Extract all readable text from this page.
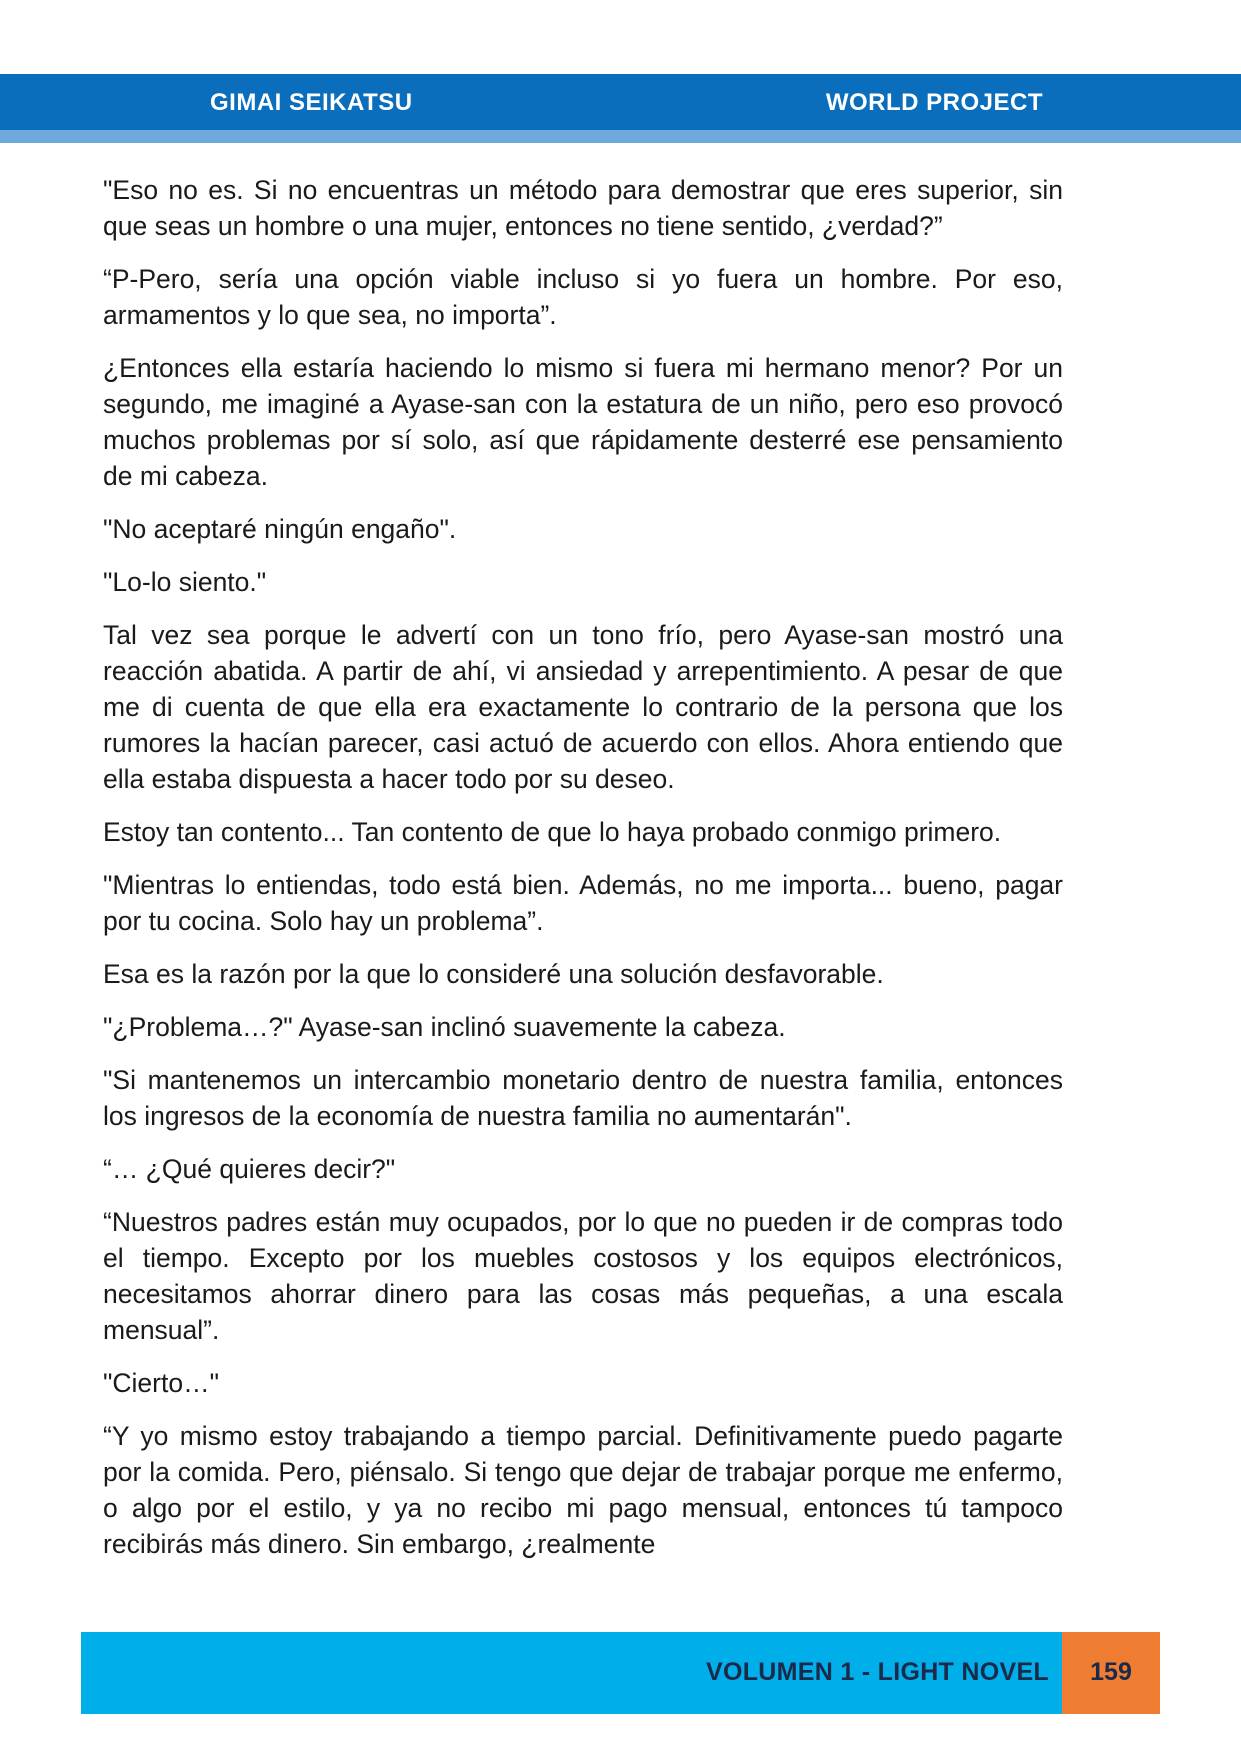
GIMAI SEIKATSU	WORLD PROJECT

"Eso no es. Si no encuentras un método para demostrar que eres superior, sin que seas un hombre o una mujer, entonces no tiene sentido, ¿verdad?”

“P-Pero, sería una opción viable incluso si yo fuera un hombre. Por eso, armamentos y lo que sea, no importa”.

¿Entonces ella estaría haciendo lo mismo si fuera mi hermano menor? Por un segundo, me imaginé a Ayase-san con la estatura de un niño, pero eso provocó muchos problemas por sí solo, así que rápidamente desterré ese pensamiento de mi cabeza.

"No aceptaré ningún engaño".

"Lo-lo siento."

Tal vez sea porque le advertí con un tono frío, pero Ayase-san mostró una reacción abatida. A partir de ahí, vi ansiedad y arrepentimiento. A pesar de que me di cuenta de que ella era exactamente lo contrario de la persona que los rumores la hacían parecer, casi actuó de acuerdo con ellos. Ahora entiendo que ella estaba dispuesta a hacer todo por su deseo.

Estoy tan contento... Tan contento de que lo haya probado conmigo primero.

"Mientras lo entiendas, todo está bien. Además, no me importa... bueno, pagar por tu cocina. Solo hay un problema”.

Esa es la razón por la que lo consideré una solución desfavorable.

"¿Problema…?" Ayase-san inclinó suavemente la cabeza.

"Si mantenemos un intercambio monetario dentro de nuestra familia, entonces los ingresos de la economía de nuestra familia no aumentarán".

“… ¿Qué quieres decir?"

“Nuestros padres están muy ocupados, por lo que no pueden ir de compras todo el tiempo. Excepto por los muebles costosos y los equipos electrónicos, necesitamos ahorrar dinero para las cosas más pequeñas, a una escala mensual”.

"Cierto…"

“Y yo mismo estoy trabajando a tiempo parcial. Definitivamente puedo pagarte por la comida. Pero, piénsalo. Si tengo que dejar de trabajar porque me enfermo, o algo por el estilo, y ya no recibo mi pago mensual, entonces tú tampoco recibirás más dinero. Sin embargo, ¿realmente

VOLUMEN 1 - LIGHT NOVEL	159
